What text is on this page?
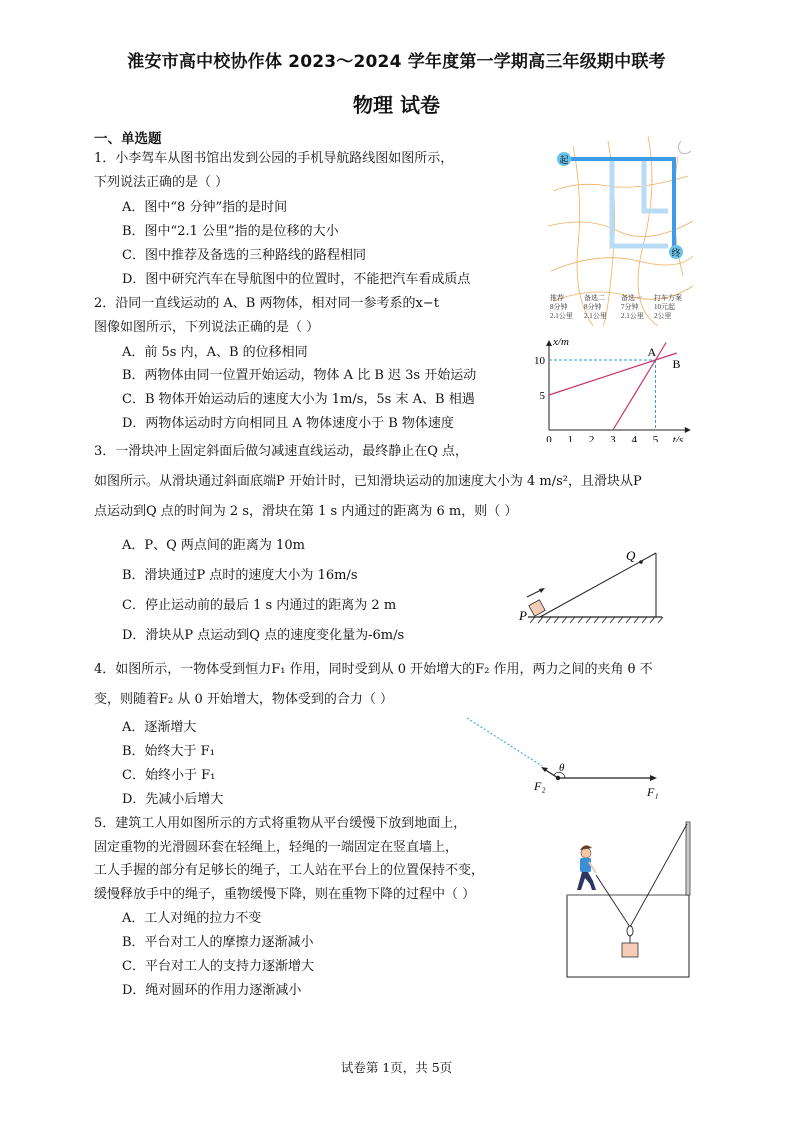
淮安市高中校协作体 2023～2024 学年度第一学期高三年级期中联考
物理 试卷
一、单选题
1．小李驾车从图书馆出发到公园的手机导航路线图如图所示，
下列说法正确的是（ ）
A．图中“8 分钟”指的是时间
B．图中“2.1 公里”指的是位移的大小
C．图中推荐及备选的三种路线的路程相同
D．图中研究汽车在导航图中的位置时，不能把汽车看成质点
起
终
推荐
8分钟
2.1公里
备选二
8分钟
2.1公里
备选一
7分钟
2.1公里
打车方案
10元起
2公里
2．沿同一直线运动的 A、B 两物体，相对同一参考系的x−t
图像如图所示，下列说法正确的是（ ）
A．前 5s 内，A、B 的位移相同
B．两物体由同一位置开始运动，物体 A 比 B 迟 3s 开始运动
C．B 物体开始运动后的速度大小为 1m/s，5s 末 A、B 相遇
D．两物体运动时方向相同且 A 物体速度小于 B 物体速度
A
B
0 1 2 3 4 5
5
10
x/m
t/s
3．一滑块冲上固定斜面后做匀减速直线运动，最终静止在Q 点，
如图所示。从滑块通过斜面底端P 开始计时，已知滑块运动的加速度大小为 4 m/s²，且滑块从P
点运动到Q 点的时间为 2 s，滑块在第 1 s 内通过的距离为 6 m，则（ ）
A．P、Q 两点间的距离为 10m
B．滑块通过P 点时的速度大小为 16m/s
C．停止运动前的最后 1 s 内通过的距离为 2 m
D．滑块从P 点运动到Q 点的速度变化量为-6m/s
Q
P
4．如图所示，一物体受到恒力F₁ 作用，同时受到从 0 开始增大的F₂ 作用，两力之间的夹角 θ 不
变，则随着F₂ 从 0 开始增大，物体受到的合力（ ）
A．逐渐增大
B．始终大于 F₁
C．始终小于 F₁
D．先减小后增大
θ
F₂	F₁
5．建筑工人用如图所示的方式将重物从平台缓慢下放到地面上，
固定重物的光滑圆环套在轻绳上，轻绳的一端固定在竖直墙上，
工人手握的部分有足够长的绳子，工人站在平台上的位置保持不变，
缓慢释放手中的绳子，重物缓慢下降，则在重物下降的过程中（ ）
A．工人对绳的拉力不变
B．平台对工人的摩擦力逐渐减小
C．平台对工人的支持力逐渐增大
D．绳对圆环的作用力逐渐减小
试卷第 1页，共 5页
